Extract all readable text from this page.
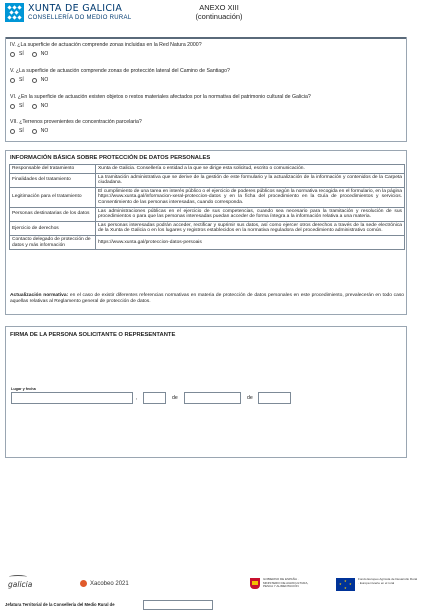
XUNTA DE GALICIA
CONSELLERÍA DO MEDIO RURAL
ANEXO XIII
(continuación)
IV. ¿La superficie de actuación comprende zonas incluidas en la Red Natura 2000?
SÍ	NO
V. ¿La superficie de actuación comprende zonas de protección lateral del Camino de Santiago?
SÍ	NO
VI. ¿En la superficie de actuación existen objetos o restos materiales afectados por la normativa del patrimonio cultural de Galicia?
SÍ	NO
VII. ¿Terrenos provenientes de concentración parcelaria?
SÍ	NO
INFORMACIÓN BÁSICA SOBRE PROTECCIÓN DE DATOS PERSONALES
Responsable del tratamiento	Xunta de Galicia. Consellería o entidad a la que se dirige esta solicitud, escrito o comunicación.
Finalidades del tratamiento	La tramitación administrativa que se derive de la gestión de este formulario y la actualización de la información y contenidos de la Carpeta ciudadana.
Legitimación para el tratamiento	El cumplimiento de una tarea en interés público o el ejercicio de poderes públicos según la normativa recogida en el formulario, en la página https://www.xunta.gal/informacion-xeral-proteccion-datos y en la ficha del procedimiento en la Guía de procedimientos y servicios. Consentimiento de las personas interesadas, cuando corresponda.
Personas destinatarias de los datos	Las administraciones públicas en el ejercicio de sus competencias, cuando sea necesario para la tramitación y resolución de sus procedimientos o para que las personas interesadas puedan acceder de forma íntegra a la información relativa a una materia.
Ejercicio de derechos	Las personas interesadas podrán acceder, rectificar y suprimir sus datos, así como ejercer otros derechos a través de la sede electrónica de la Xunta de Galicia o en los lugares y registros establecidos en la normativa reguladora del procedimiento administrativo común.
Contacto delegado de protección de datos y más información	https://www.xunta.gal/proteccion-datos-persoais
Actualización normativa: en el caso de existir diferentes referencias normativas en materia de protección de datos personales en este procedimiento, prevalecerán en todo caso aquellas relativas al Reglamento general de protección de datos.
FIRMA DE LA PERSONA SOLICITANTE O REPRESENTANTE
Lugar y fecha
,	de	de
galicia	Xacobeo 2021
GOBIERNO DE ESPAÑA · MINISTERIO DE AGRICULTURA, PESCA Y ALIMENTACIÓN
★
★ ★
★
Fondo Europeo Agrícola de Desarrollo Rural · Europa invierte en el rural
Jefatura Territorial de la Consellería del Medio Rural de
